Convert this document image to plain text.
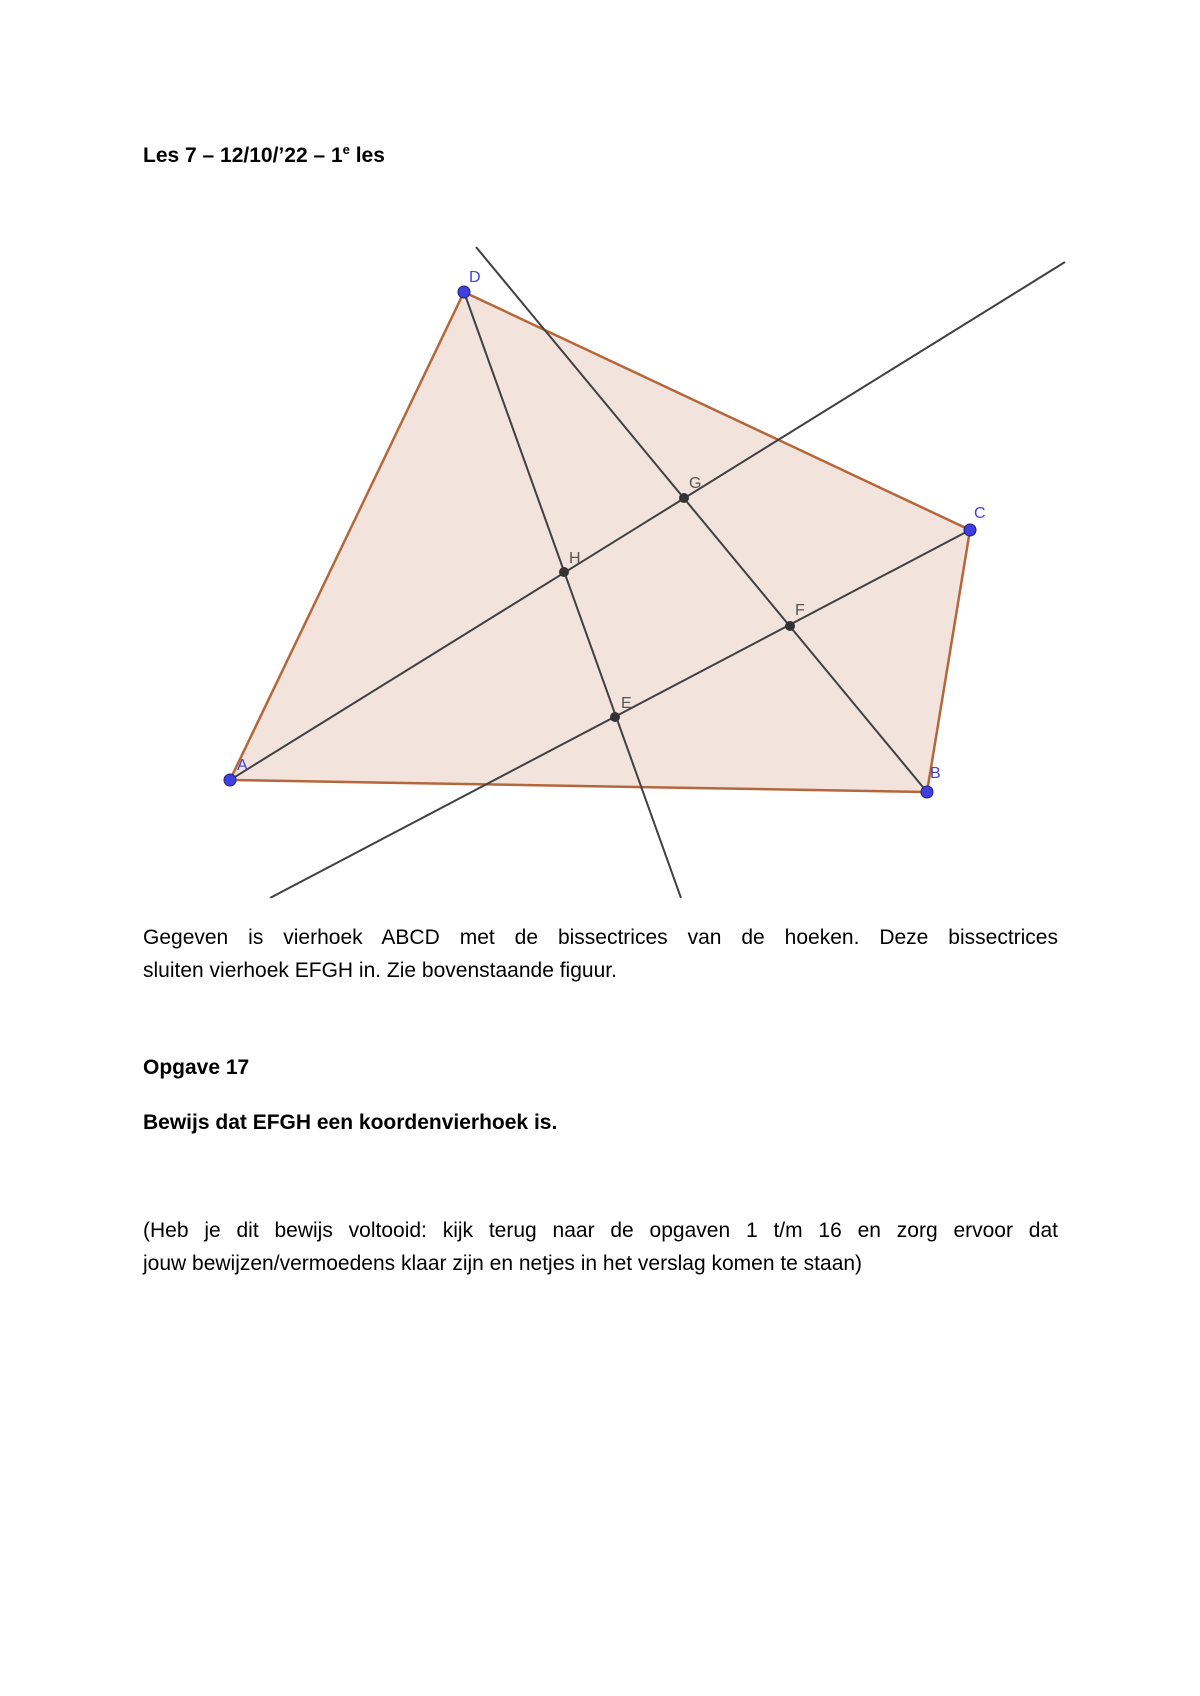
Les 7 – 12/10/’22 – 1e les
A	B
C
D
E
F
G
H
Gegeven is vierhoek ABCD met de bissectrices van de hoeken. Deze bissectrices
sluiten vierhoek EFGH in. Zie bovenstaande figuur.
Opgave 17
Bewijs dat EFGH een koordenvierhoek is.
(Heb je dit bewijs voltooid: kijk terug naar de opgaven 1 t/m 16 en zorg ervoor dat
jouw bewijzen/vermoedens klaar zijn en netjes in het verslag komen te staan)
